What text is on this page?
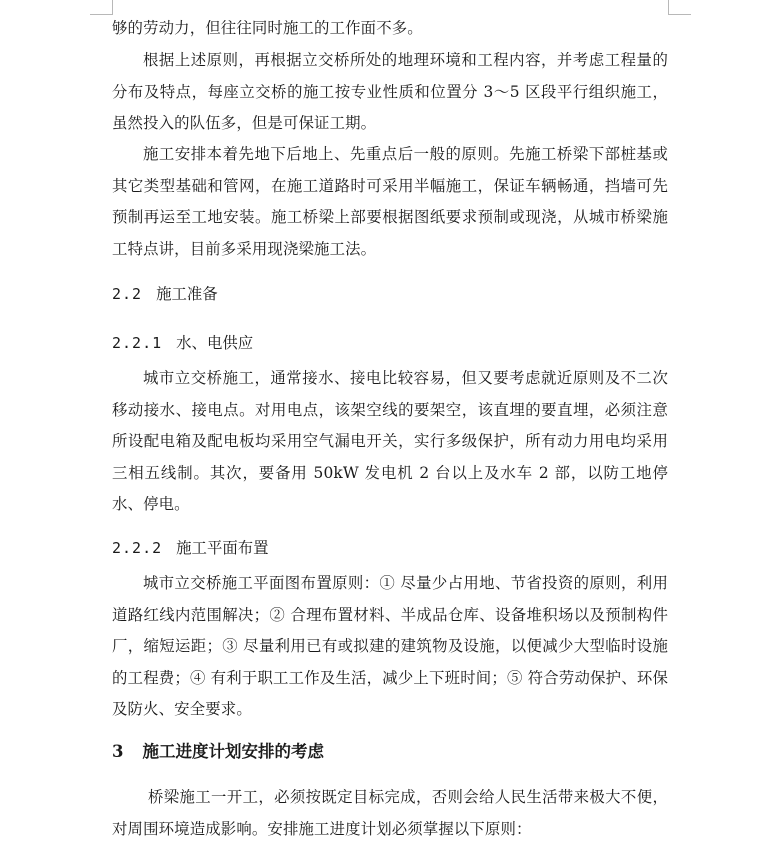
够的劳动力，但往往同时施工的工作面不多。

根据上述原则，再根据立交桥所处的地理环境和工程内容，并考虑工程量的分布及特点，每座立交桥的施工按专业性质和位置分 3～5 区段平行组织施工，虽然投入的队伍多，但是可保证工期。

施工安排本着先地下后地上、先重点后一般的原则。先施工桥梁下部桩基或其它类型基础和管网，在施工道路时可采用半幅施工，保证车辆畅通，挡墙可先预制再运至工地安装。施工桥梁上部要根据图纸要求预制或现浇，从城市桥梁施工特点讲，目前多采用现浇梁施工法。

2.2 施工准备
2.2.1 水、电供应

城市立交桥施工，通常接水、接电比较容易，但又要考虑就近原则及不二次移动接水、接电点。对用电点，该架空线的要架空，该直埋的要直埋，必须注意所设配电箱及配电板均采用空气漏电开关，实行多级保护，所有动力用电均采用三相五线制。其次，要备用 50kW 发电机 2 台以上及水车 2 部，以防工地停水、停电。

2.2.2 施工平面布置

城市立交桥施工平面图布置原则：① 尽量少占用地、节省投资的原则，利用道路红线内范围解决；② 合理布置材料、半成品仓库、设备堆积场以及预制构件厂，缩短运距；③ 尽量利用已有或拟建的建筑物及设施，以便减少大型临时设施的工程费；④ 有利于职工工作及生活，减少上下班时间；⑤ 符合劳动保护、环保及防火、安全要求。

3 施工进度计划安排的考虑

桥梁施工一开工，必须按既定目标完成，否则会给人民生活带来极大不便，对周围环境造成影响。安排施工进度计划必须掌握以下原则：
